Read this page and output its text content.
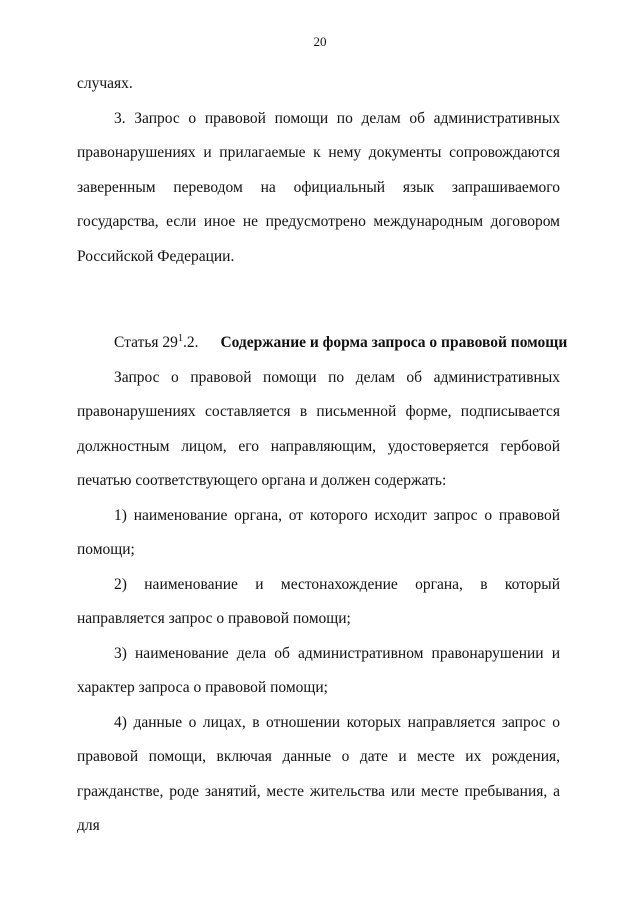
20

случаях.

3. Запрос о правовой помощи по делам об административных правонарушениях и прилагаемые к нему документы сопровождаются заверенным переводом на официальный язык запрашиваемого государства, если иное не предусмотрено международным договором Российской Федерации.

Статья $29^1.2$. Содержание и форма запроса о правовой помощи

Запрос о правовой помощи по делам об административных правонарушениях составляется в письменной форме, подписывается должностным лицом, его направляющим, удостоверяется гербовой печатью соответствующего органа и должен содержать:

1) наименование органа, от которого исходит запрос о правовой помощи;

2) наименование и местонахождение органа, в который направляется запрос о правовой помощи;

3) наименование дела об административном правонарушении и характер запроса о правовой помощи;

4) данные о лицах, в отношении которых направляется запрос о правовой помощи, включая данные о дате и месте их рождения, гражданстве, роде занятий, месте жительства или месте пребывания, а для
